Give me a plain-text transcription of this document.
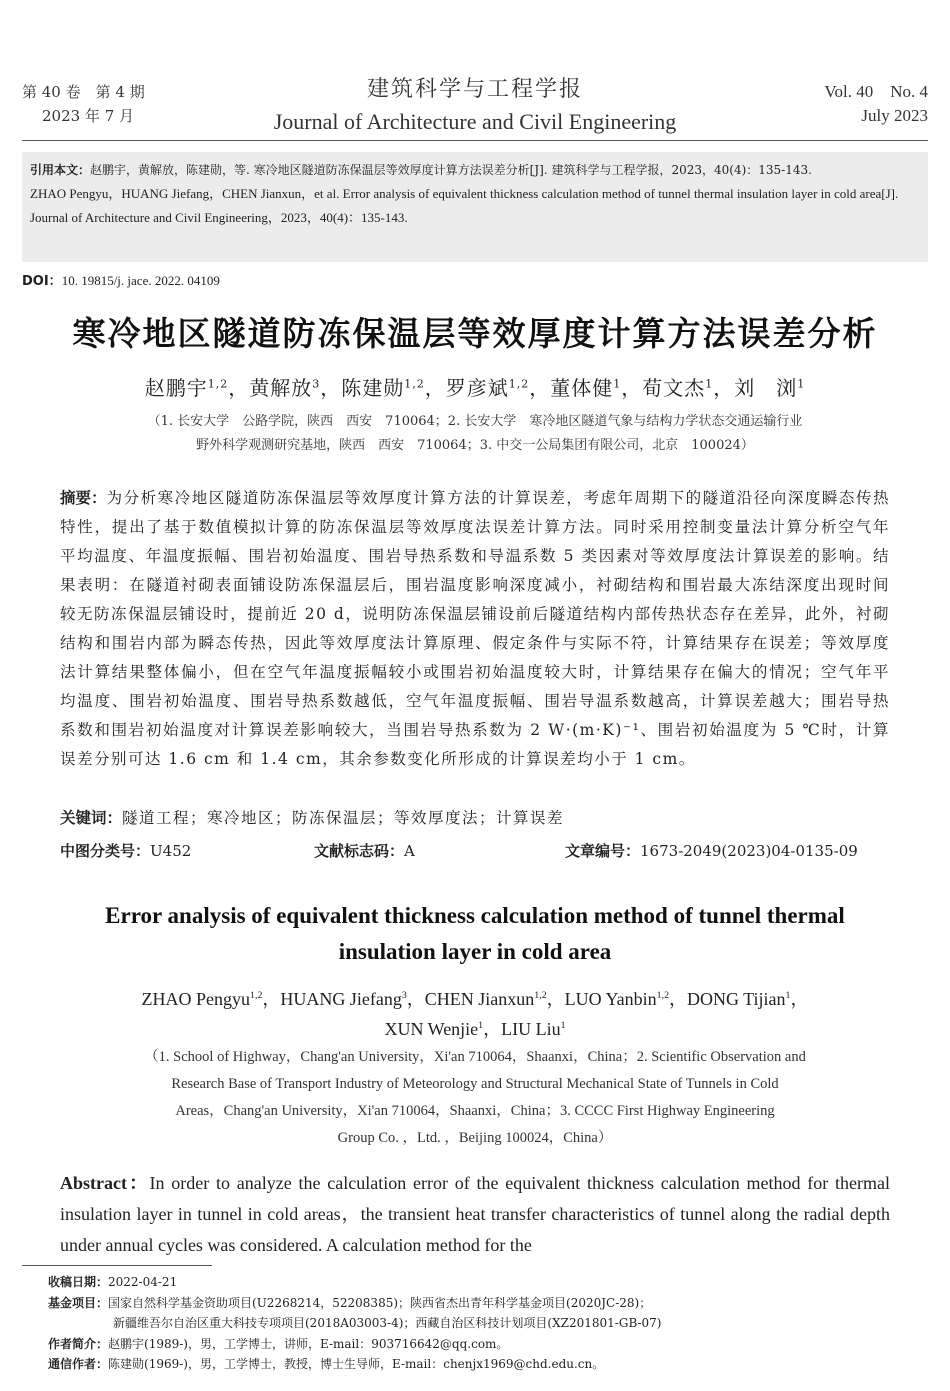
第 40 卷　第 4 期
2023 年 7 月
建筑科学与工程学报
Journal of Architecture and Civil Engineering
Vol. 40　No. 4
July 2023
引用本文：赵鹏宇，黄解放，陈建勋，等. 寒冷地区隧道防冻保温层等效厚度计算方法误差分析[J]. 建筑科学与工程学报，2023，40(4)：135-143.
ZHAO Pengyu，HUANG Jiefang，CHEN Jianxun，et al. Error analysis of equivalent thickness calculation method of tunnel thermal insulation layer in cold area[J]. Journal of Architecture and Civil Engineering，2023，40(4)：135-143.
DOI：10. 19815/j. jace. 2022. 04109
寒冷地区隧道防冻保温层等效厚度计算方法误差分析
赵鹏宇$^{1,2}$，黄解放$^3$，陈建勋$^{1,2}$，罗彦斌$^{1,2}$，董体健$^1$，荀文杰$^1$，刘　浏$^1$
（1. 长安大学　公路学院，陕西　西安　710064；2. 长安大学　寒冷地区隧道气象与结构力学状态交通运输行业
野外科学观测研究基地，陕西　西安　710064；3. 中交一公局集团有限公司，北京　100024）
摘要：为分析寒冷地区隧道防冻保温层等效厚度计算方法的计算误差，考虑年周期下的隧道沿径向深度瞬态传热特性，提出了基于数值模拟计算的防冻保温层等效厚度法误差计算方法。同时采用控制变量法计算分析空气年平均温度、年温度振幅、围岩初始温度、围岩导热系数和导温系数 5 类因素对等效厚度法计算误差的影响。结果表明：在隧道衬砌表面铺设防冻保温层后，围岩温度影响深度减小，衬砌结构和围岩最大冻结深度出现时间较无防冻保温层铺设时，提前近 20 d，说明防冻保温层铺设前后隧道结构内部传热状态存在差异，此外，衬砌结构和围岩内部为瞬态传热，因此等效厚度法计算原理、假定条件与实际不符，计算结果存在误差；等效厚度法计算结果整体偏小，但在空气年温度振幅较小或围岩初始温度较大时，计算结果存在偏大的情况；空气年平均温度、围岩初始温度、围岩导热系数越低，空气年温度振幅、围岩导温系数越高，计算误差越大；围岩导热系数和围岩初始温度对计算误差影响较大，当围岩导热系数为 2 W·(m·K)⁻¹、围岩初始温度为 5 ℃时，计算误差分别可达 1.6 cm 和 1.4 cm，其余参数变化所形成的计算误差均小于 1 cm。
关键词：隧道工程；寒冷地区；防冻保温层；等效厚度法；计算误差
中图分类号：U452	文献标志码：A	文章编号：1673-2049(2023)04-0135-09
Error analysis of equivalent thickness calculation method of tunnel thermal insulation layer in cold area
ZHAO Pengyu$^{1,2}$，HUANG Jiefang$^3$，CHEN Jianxun$^{1,2}$，LUO Yanbin$^{1,2}$，DONG Tijian$^1$，
XUN Wenjie$^1$，LIU Liu$^1$
（1. School of Highway，Chang'an University，Xi'an 710064，Shaanxi，China；2. Scientific Observation and
Research Base of Transport Industry of Meteorology and Structural Mechanical State of Tunnels in Cold
Areas，Chang'an University，Xi'an 710064，Shaanxi，China；3. CCCC First Highway Engineering
Group Co. ，Ltd. ，Beijing 100024，China）
Abstract：In order to analyze the calculation error of the equivalent thickness calculation method for thermal insulation layer in tunnel in cold areas，the transient heat transfer characteristics of tunnel along the radial depth under annual cycles was considered. A calculation method for the
收稿日期：2022-04-21
基金项目：国家自然科学基金资助项目(U2268214，52208385)；陕西省杰出青年科学基金项目(2020JC-28)；
新疆维吾尔自治区重大科技专项项目(2018A03003-4)；西藏自治区科技计划项目(XZ201801-GB-07)
作者简介：赵鹏宇(1989-)，男，工学博士，讲师，E-mail：903716642@qq.com。
通信作者：陈建勋(1969-)，男，工学博士，教授，博士生导师，E-mail：chenjx1969@chd.edu.cn。
